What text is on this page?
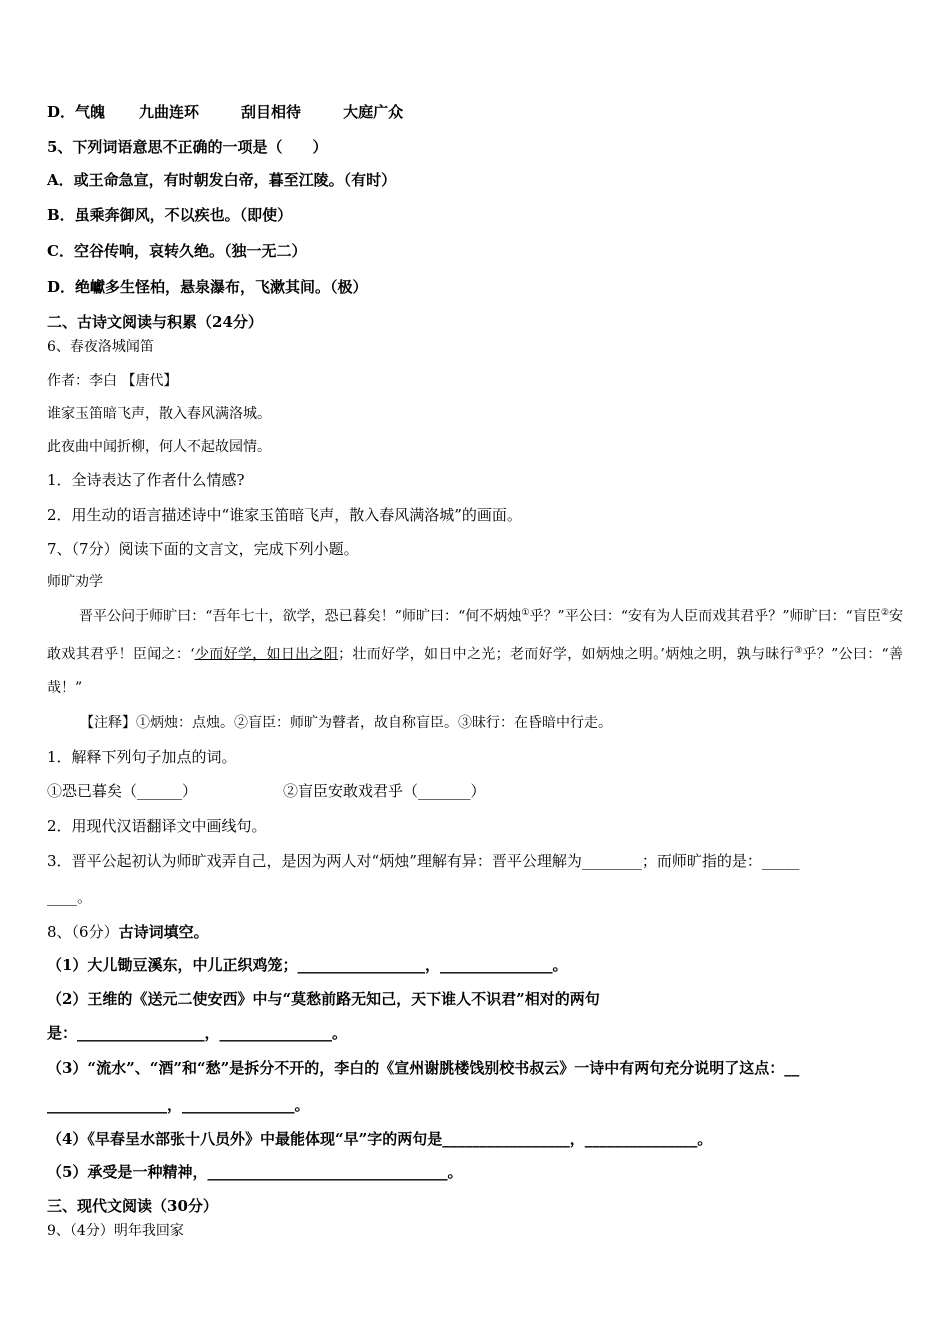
D．气魄 九曲连环	刮目相待	大庭广众
5、下列词语意思不正确的一项是（　　）
A．或王命急宣，有时朝发白帝，暮至江陵。（有时）
B．虽乘奔御风，不以疾也。（即使）
C．空谷传响，哀转久绝。（独一无二）
D．绝巘多生怪柏，悬泉瀑布，飞漱其间。（极）
二、古诗文阅读与积累（24分）
6、春夜洛城闻笛
作者：李白 【唐代】
谁家玉笛暗飞声，散入春风满洛城。
此夜曲中闻折柳，何人不起故园情。
1．全诗表达了作者什么情感?
2．用生动的语言描述诗中“谁家玉笛暗飞声，散入春风满洛城”的画面。
7、（7分）阅读下面的文言文，完成下列小题。
师旷劝学
晋平公问于师旷曰：“吾年七十，欲学，恐已暮矣！”师旷曰：“何不炳烛①乎？”平公曰：“安有为人臣而戏其君乎？”师旷曰：“盲臣②安敢戏其君乎！臣闻之：‘少而好学，如日出之阳；壮而好学，如日中之光；老而好学，如炳烛之明。’炳烛之明，孰与昧行③乎？”公曰：“善哉！”
【注释】①炳烛：点烛。②盲臣：师旷为瞽者，故自称盲臣。③昧行：在昏暗中行走。
1．解释下列句子加点的词。
①恐已暮矣（______）	②盲臣安敢戏君乎（_______）
2．用现代汉语翻译文中画线句。
3．晋平公起初认为师旷戏弄自己，是因为两人对“炳烛”理解有异：晋平公理解为________；而师旷指的是：_____
____。
8、（6分）古诗词填空。
（1）大儿锄豆溪东，中儿正织鸡笼；_________________，_______________。
（2）王维的《送元二使安西》中与“莫愁前路无知己，天下谁人不识君”相对的两句
是：_________________，_______________。
（3）“流水”、“酒”和“愁”是拆分不开的，李白的《宣州谢朓楼饯别校书叔云》一诗中有两句充分说明了这点：__
________________，_______________。
（4）《早春呈水部张十八员外》中最能体现“早”字的两句是_________________，_______________。
（5）承受是一种精神，________________________________。
三、现代文阅读（30分）
9、（4分）明年我回家
